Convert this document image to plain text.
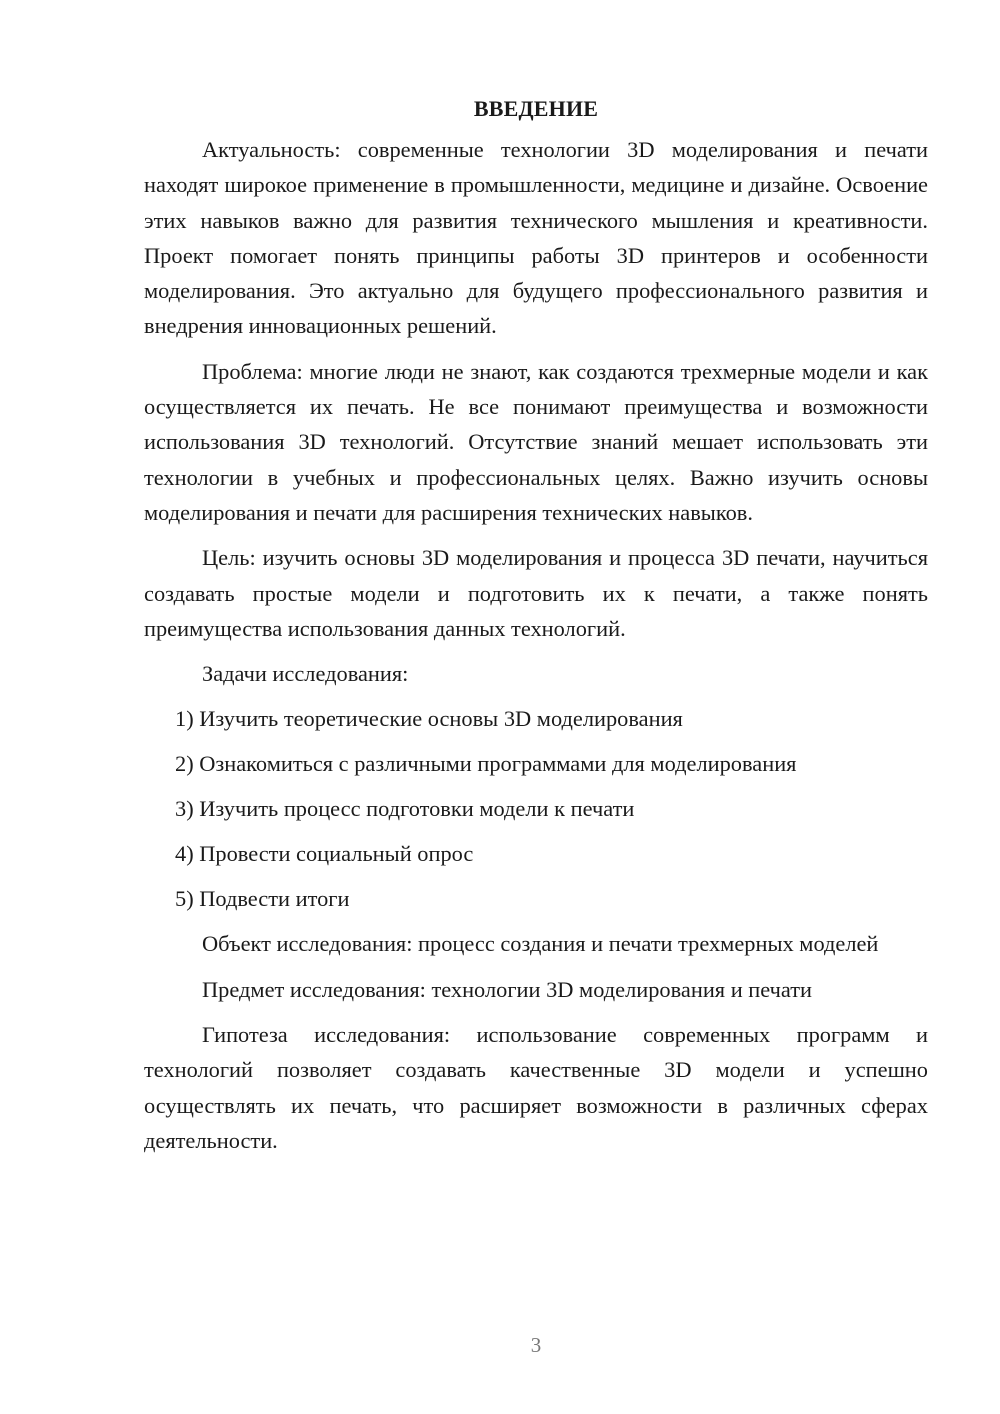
ВВЕДЕНИЕ

Актуальность: современные технологии 3D моделирования и печати находят широкое применение в промышленности, медицине и дизайне. Освоение этих навыков важно для развития технического мышления и креативности. Проект помогает понять принципы работы 3D принтеров и особенности моделирования. Это актуально для будущего профессионального развития и внедрения инновационных решений.

Проблема: многие люди не знают, как создаются трехмерные модели и как осуществляется их печать. Не все понимают преимущества и возможности использования 3D технологий. Отсутствие знаний мешает использовать эти технологии в учебных и профессиональных целях. Важно изучить основы моделирования и печати для расширения технических навыков.

Цель: изучить основы 3D моделирования и процесса 3D печати, научиться создавать простые модели и подготовить их к печати, а также понять преимущества использования данных технологий.

Задачи исследования:

1) Изучить теоретические основы 3D моделирования

2) Ознакомиться с различными программами для моделирования

3) Изучить процесс подготовки модели к печати

4) Провести социальный опрос

5) Подвести итоги

Объект исследования: процесс создания и печати трехмерных моделей

Предмет исследования: технологии 3D моделирования и печати

Гипотеза исследования: использование современных программ и технологий позволяет создавать качественные 3D модели и успешно осуществлять их печать, что расширяет возможности в различных сферах деятельности.

3
